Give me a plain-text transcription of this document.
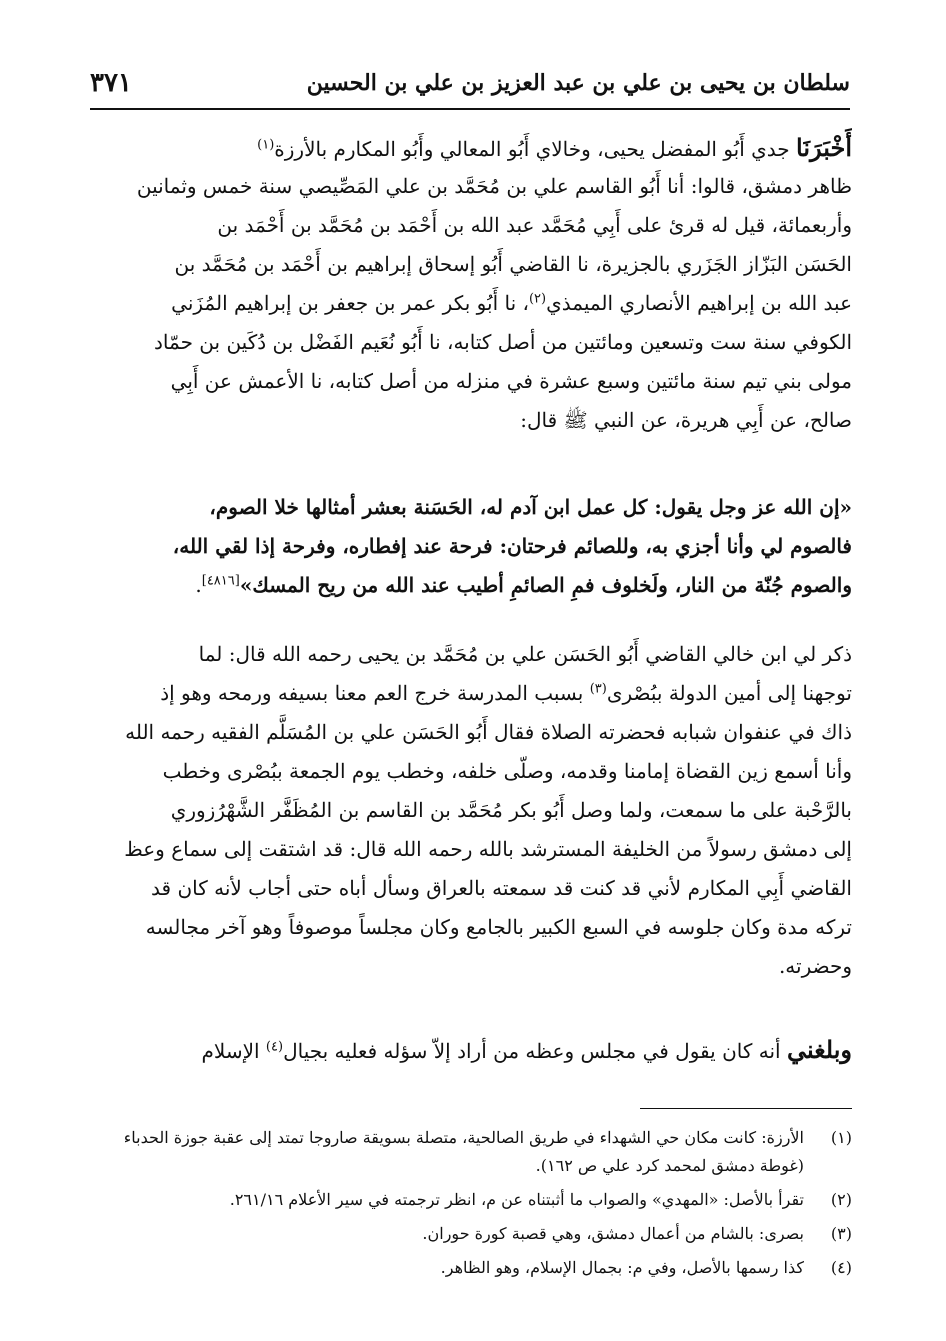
سلطان بن يحيى بن علي بن عبد العزيز بن علي بن الحسين
٣٧١
أَخْبَرَنَا جدي أَبُو المفضل يحيى، وخالاي أَبُو المعالي وأَبُو المكارم بالأرزة$^{(١)}$
ظاهر دمشق، قالوا: أنا أَبُو القاسم علي بن مُحَمَّد بن علي المَصِّيصي سنة خمس وثمانين
وأربعمائة، قيل له قرئ على أَبِي مُحَمَّد عبد الله بن أَحْمَد بن مُحَمَّد بن أَحْمَد بن
الحَسَن البَزّاز الجَزَري بالجزيرة، نا القاضي أَبُو إسحاق إبراهيم بن أَحْمَد بن مُحَمَّد بن
عبد الله بن إبراهيم الأنصاري الميمذي$^{(٢)}$، نا أَبُو بكر عمر بن جعفر بن إبراهيم المُزَني
الكوفي سنة ست وتسعين ومائتين من أصل كتابه، نا أَبُو نُعَيم الفَضْل بن دُكَين بن حمّاد
مولى بني تيم سنة مائتين وسبع عشرة في منزله من أصل كتابه، نا الأعمش عن أَبِي
صالح، عن أَبِي هريرة، عن النبي ﷺ قال:
«إن الله عز وجل يقول: كل عمل ابن آدم له، الحَسَنة بعشر أمثالها خلا الصوم،
فالصوم لي وأنا أجزي به، وللصائم فرحتان: فرحة عند إفطاره، وفرحة إذا لقي الله،
والصوم جُنّة من النار، ولَخلوف فمِ الصائمِ أطيب عند الله من ريح المسك»[٤٨١٦].
ذكر لي ابن خالي القاضي أَبُو الحَسَن علي بن مُحَمَّد بن يحيى رحمه الله قال: لما
توجهنا إلى أمين الدولة ببُصْرى$^{(٣)}$ بسبب المدرسة خرج العم معنا بسيفه ورمحه وهو إذ
ذاك في عنفوان شبابه فحضرته الصلاة فقال أَبُو الحَسَن علي بن المُسَلَّم الفقيه رحمه الله
وأنا أسمع زين القضاة إمامنا وقدمه، وصلّى خلفه، وخطب يوم الجمعة ببُصْرى وخطب
بالرَّحْبة على ما سمعت، ولما وصل أَبُو بكر مُحَمَّد بن القاسم بن المُظَفَّر الشَّهْرُزوري
إلى دمشق رسولاً من الخليفة المسترشد بالله رحمه الله قال: قد اشتقت إلى سماع وعظ
القاضي أَبِي المكارم لأني قد كنت قد سمعته بالعراق وسأل أباه حتى أجاب لأنه كان قد
تركه مدة وكان جلوسه في السبع الكبير بالجامع وكان مجلساً موصوفاً وهو آخر مجالسه
وحضرته.
وبلغني أنه كان يقول في مجلس وعظه من أراد إلاّ سؤله فعليه بجيال$^{(٤)}$ الإسلام
(١)
الأرزة: كانت مكان حي الشهداء في طريق الصالحية، متصلة بسويقة صاروجا تمتد إلى عقبة جوزة الحدباء (غوطة دمشق لمحمد كرد علي ص ١٦٢).
(٢)
تقرأ بالأصل: «المهدي» والصواب ما أثبتناه عن م، انظر ترجمته في سير الأعلام ٢٦١/١٦.
(٣)
بصرى: بالشام من أعمال دمشق، وهي قصبة كورة حوران.
(٤)
كذا رسمها بالأصل، وفي م: بجمال الإسلام، وهو الظاهر.
